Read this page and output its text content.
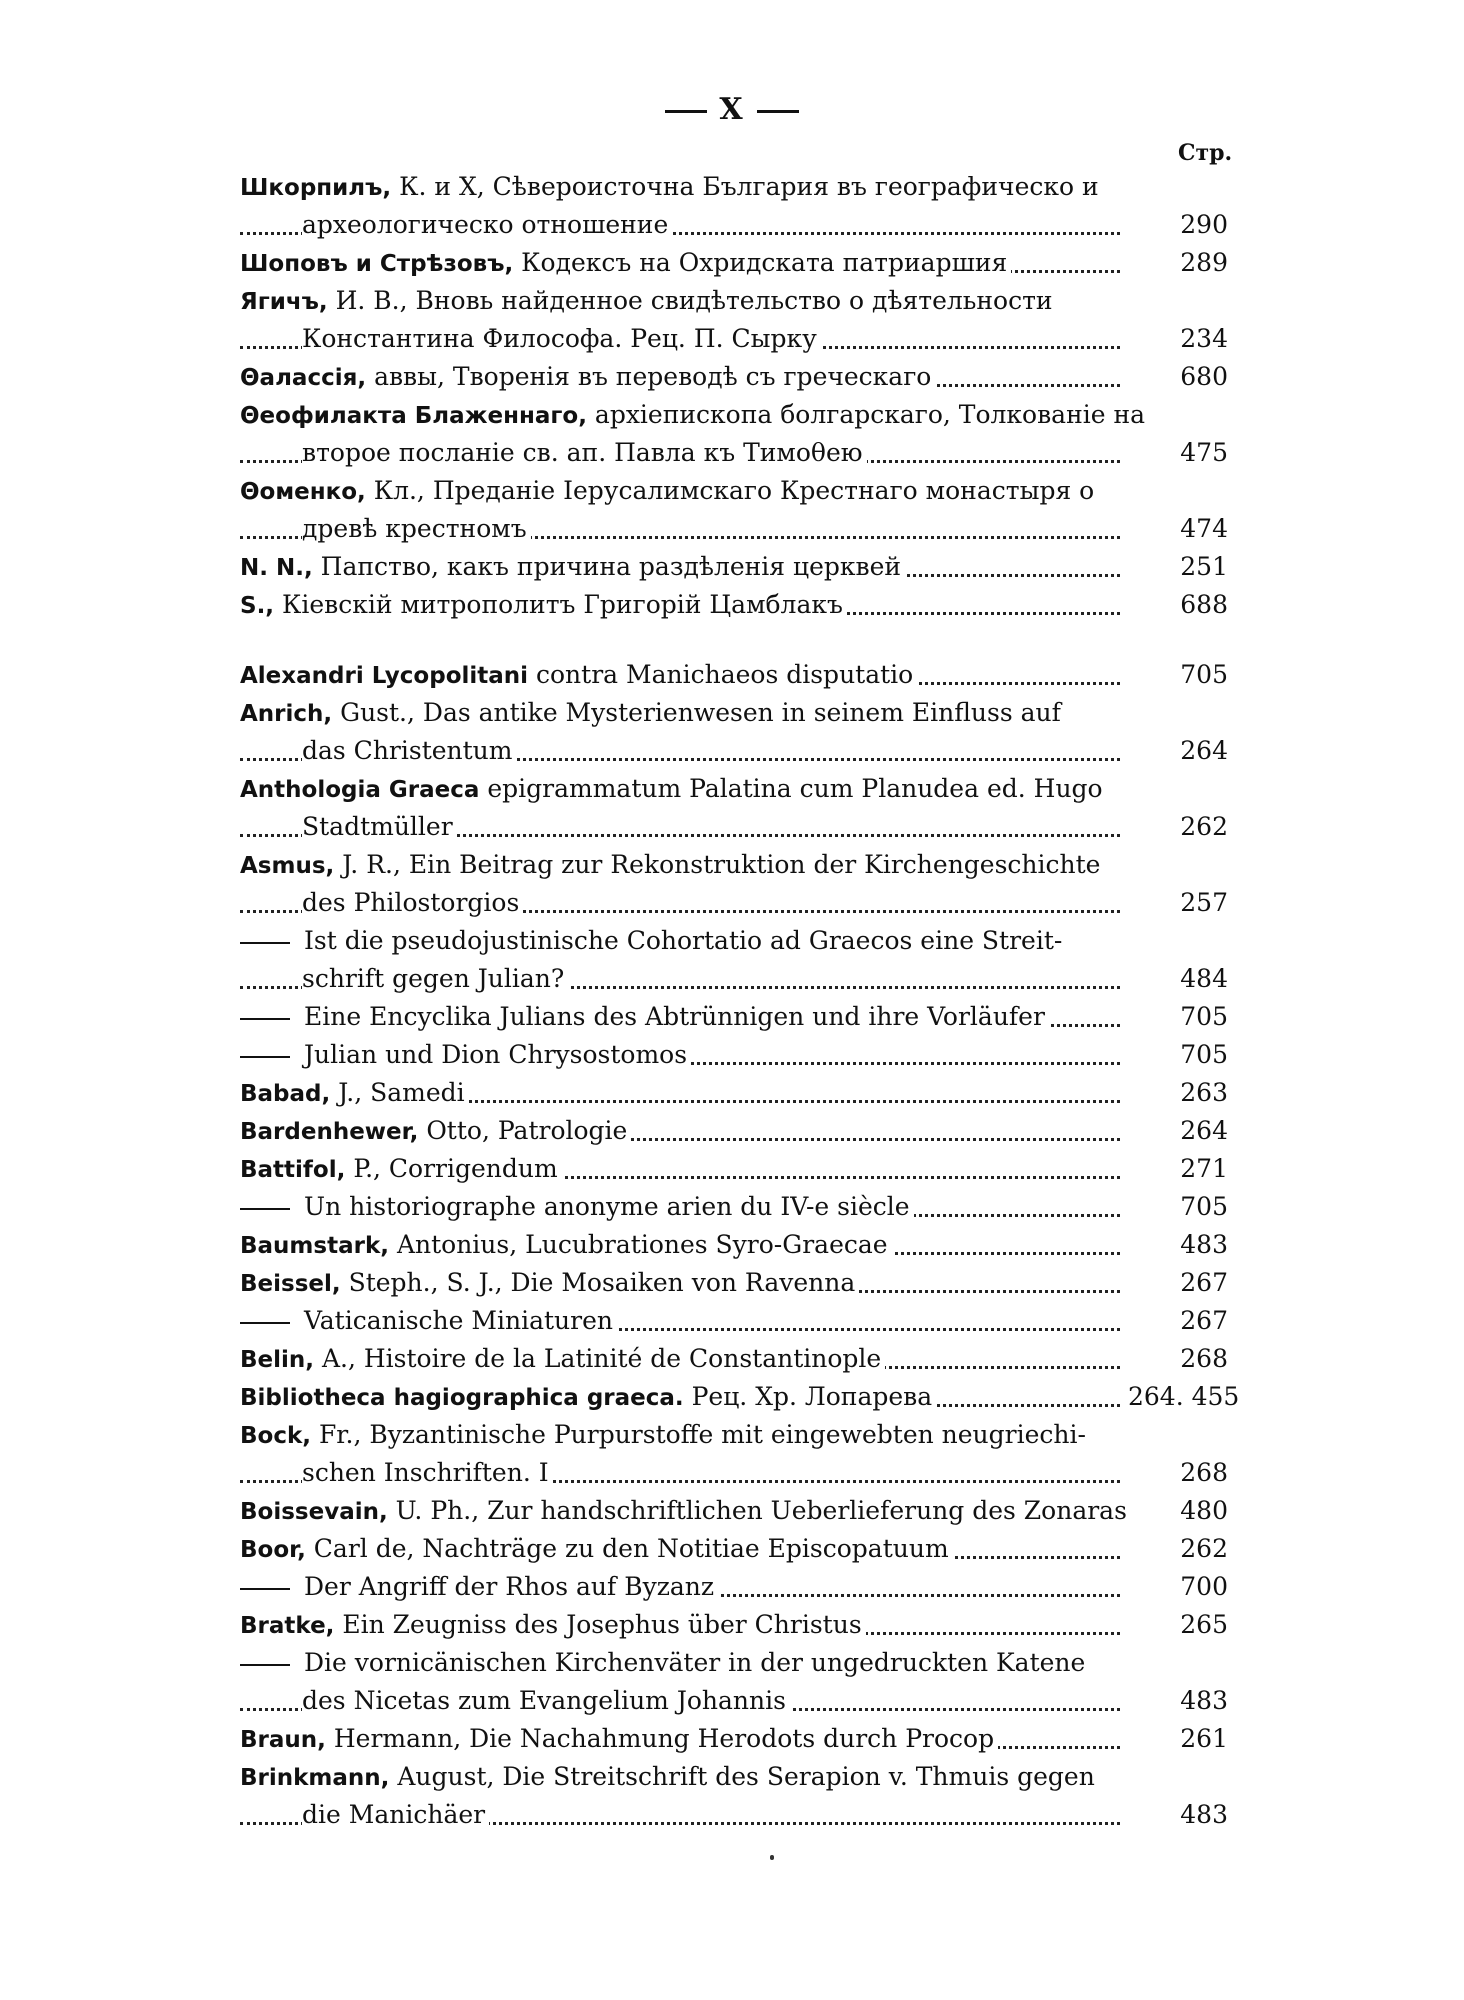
X
Стр.
Шкорпилъ, К. и X, Сѣвероисточна България въ географическо и
археологическо отношение	290
Шоповъ и Стрѣзовъ, Кодексъ на Охридската патриаршия	289
Ягичъ, И. В., Вновь найденное свидѣтельство о дѣятельности
Константина Философа. Рец. П. Сырку	234
Θалассія, аввы, Творенія въ переводѣ съ греческаго	680
Θеофилакта Блаженнаго, архіепископа болгарскаго, Толкованіе на
второе посланіе св. ап. Павла къ Тимоθею	475
Θоменко, Кл., Преданіе Іерусалимскаго Крестнаго монастыря о
древѣ крестномъ	474
N. N., Папство, какъ причина раздѣленія церквей	251
S., Кіевскій митрополитъ Григорій Цамблакъ	688
Alexandri Lycopolitani contra Manichaeos disputatio	705
Anrich, Gust., Das antike Mysterienwesen in seinem Einfluss auf
das Christentum	264
Anthologia Graeca epigrammatum Palatina cum Planudea ed. Hugo
Stadtmüller	262
Asmus, J. R., Ein Beitrag zur Rekonstruktion der Kirchengeschichte
des Philostorgios	257
Ist die pseudojustinische Cohortatio ad Graecos eine Streit-
schrift gegen Julian?	484
Eine Encyclika Julians des Abtrünnigen und ihre Vorläufer	705
Julian und Dion Chrysostomos	705
Babad, J., Samedi	263
Bardenhewer, Otto, Patrologie	264
Battifol, P., Corrigendum	271
Un historiographe anonyme arien du IV-e siècle	705
Baumstark, Antonius, Lucubrationes Syro-Graecae	483
Beissel, Steph., S. J., Die Mosaiken von Ravenna	267
Vaticanische Miniaturen	267
Belin, A., Histoire de la Latinité de Constantinople	268
Bibliotheca hagiographica graeca. Рец. Хр. Лопарева	264. 455
Bock, Fr., Byzantinische Purpurstoffe mit eingewebten neugriechi-
schen Inschriften. I	268
Boissevain, U. Ph., Zur handschriftlichen Ueberlieferung des Zonaras	480
Boor, Carl de, Nachträge zu den Notitiae Episcopatuum	262
Der Angriff der Rhos auf Byzanz	700
Bratke, Ein Zeugniss des Josephus über Christus	265
Die vornicänischen Kirchenväter in der ungedruckten Katene
des Nicetas zum Evangelium Johannis	483
Braun, Hermann, Die Nachahmung Herodots durch Procop	261
Brinkmann, August, Die Streitschrift des Serapion v. Thmuis gegen
die Manichäer	483
